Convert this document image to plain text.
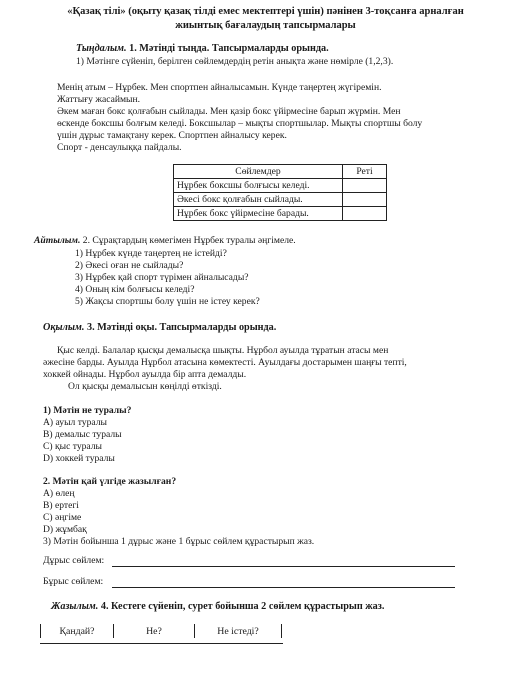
«Қазақ тілі» (оқыту қазақ тілді емес мектептері үшін) пәнінен 3-тоқсанға арналған
жиынтық бағалаудың тапсырмалары
Тыңдалым. 1. Мәтінді тыңда. Тапсырмаларды орында.
1) Мәтінге сүйеніп, берілген сөйлемдердің ретін анықта және нөмірле (1,2,3).
Менің атым – Нұрбек. Мен спортпен айналысамын. Күнде таңертең жүгіремін.
Жаттығу жасаймын.
Әкем маған бокс қолғабын сыйлады. Мен қазір бокс үйірмесіне барып жүрмін. Мен
өскенде боксшы болғым келеді. Боксшылар – мықты спортшылар. Мықты спортшы болу
үшін дұрыс тамақтану керек. Спортпен айналысу керек.
Спорт - денсаулыққа пайдалы.
Сөйлемдер	Реті
Нұрбек боксшы болғысы келеді.	
Әкесі бокс қолғабын сыйлады.	
Нұрбек бокс үйірмесіне барады.	
Айтылым. 2. Сұрақтардың көмегімен Нұрбек туралы әңгімеле.
1) Нұрбек күнде таңертең не істейді?
2) Әкесі оған не сыйлады?
3) Нұрбек қай спорт түрімен айналысады?
4) Оның кім болғысы келеді?
5) Жақсы спортшы болу үшін не істеу керек?
Оқылым. 3. Мәтінді оқы. Тапсырмаларды орында.
Қыс келді. Балалар қысқы демалысқа шықты. Нұрбол ауылда тұратын атасы мен
әжесіне барды. Ауылда Нұрбол атасына көмектесті. Ауылдағы достарымен шаңғы тепті,
хоккей ойнады. Нұрбол ауылда бір апта демалды.
Ол қысқы демалысын көңілді өткізді.
1) Мәтін не туралы?
А) ауыл туралы
В) демалыс туралы
С) қыс туралы
D) хоккей туралы
2. Мәтін қай үлгіде жазылған?
А) өлең
В) ертегі
С) әңгіме
D) жұмбақ
3) Мәтін бойынша 1 дұрыс және 1 бұрыс сөйлем құрастырып жаз.
Дұрыс сөйлем:
Бұрыс сөйлем:
Жазылым. 4. Кестеге сүйеніп, сурет бойынша 2 сөйлем құрастырып жаз.
Қандай?	Не?	Не істеді?
